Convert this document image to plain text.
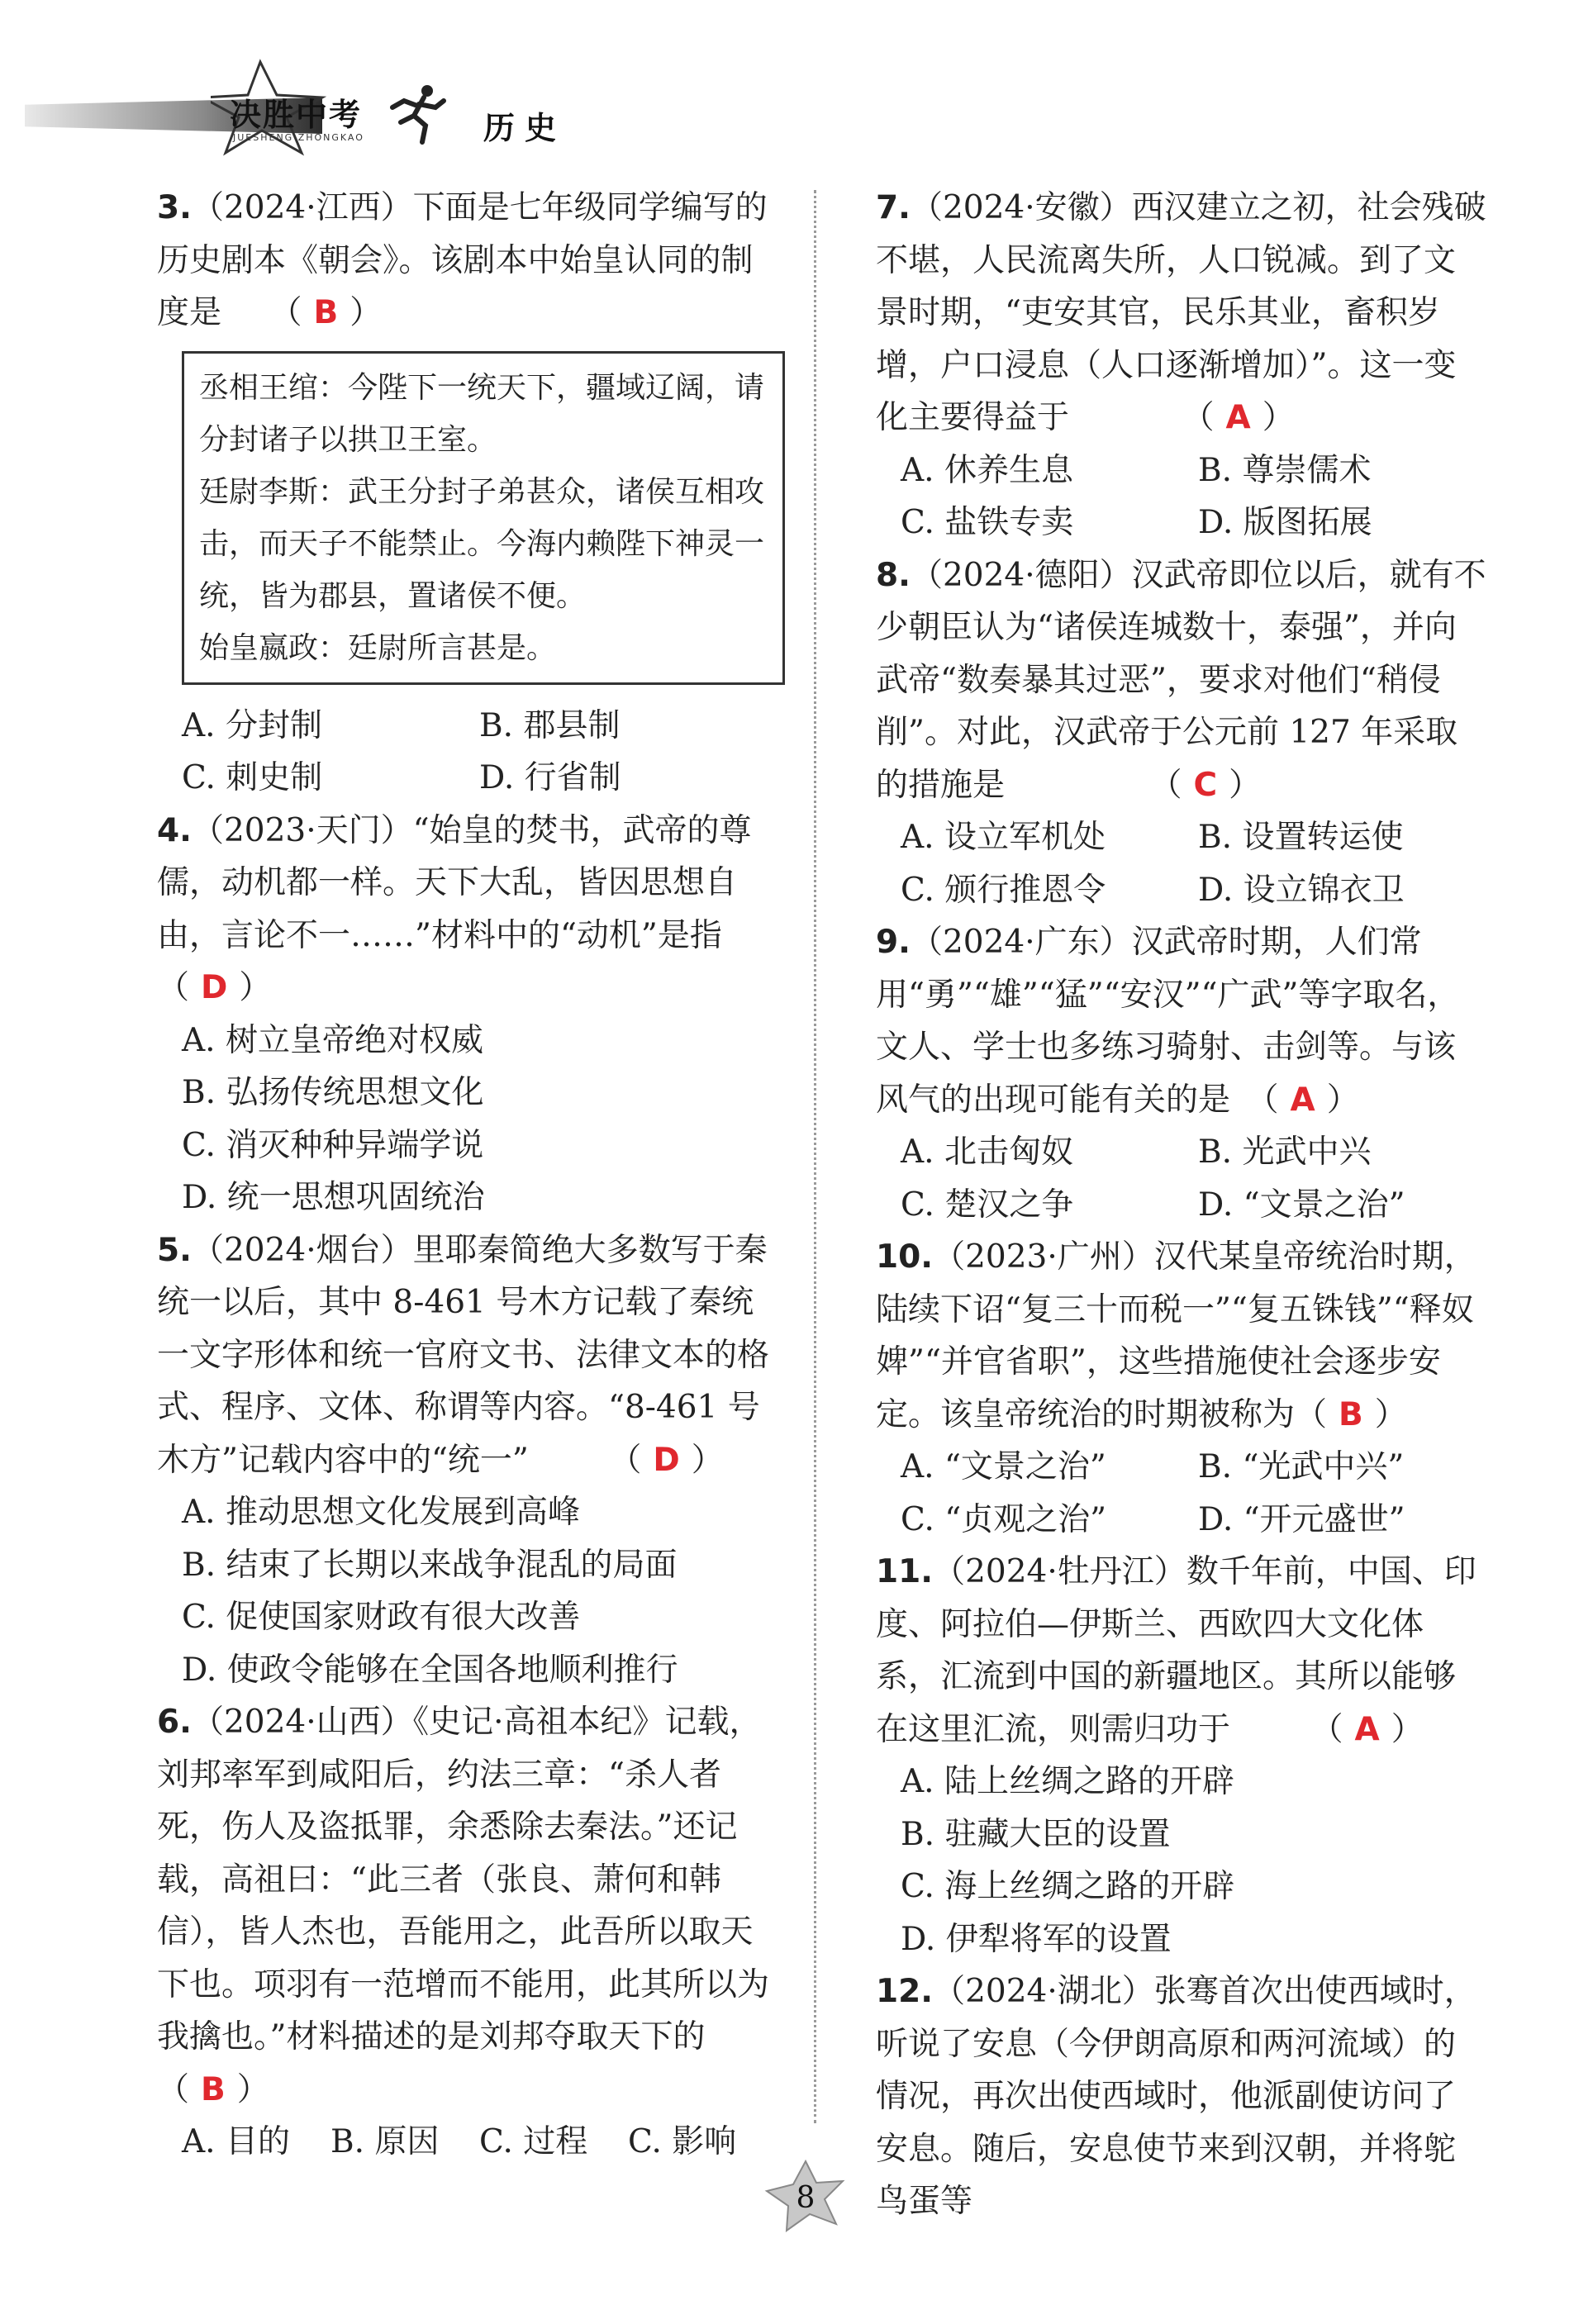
决胜中考
JUESHENG ZHONGKAO	历史
3.（2024·江西）下面是七年级同学编写的历史剧本《朝会》。该剧本中始皇认同的制度是　　（ B ）

丞相王绾：今陛下一统天下，疆域辽阔，请分封诸子以拱卫王室。

廷尉李斯：武王分封子弟甚众，诸侯互相攻击，而天子不能禁止。今海内赖陛下神灵一统，皆为郡县，置诸侯不便。

始皇嬴政：廷尉所言甚是。

A. 分封制	B. 郡县制
C. 刺史制	D. 行省制
4.（2023·天门）“始皇的焚书，武帝的尊儒，动机都一样。天下大乱，皆因思想自由，言论不一……”材料中的“动机”是指（ D ）
A. 树立皇帝绝对权威
B. 弘扬传统思想文化
C. 消灭种种异端学说
D. 统一思想巩固统治
5.（2024·烟台）里耶秦简绝大多数写于秦统一以后，其中 8-461 号木方记载了秦统一文字形体和统一官府文书、法律文本的格式、程序、文体、称谓等内容。“8-461 号木方”记载内容中的“统一”　　　（ D ）
A. 推动思想文化发展到高峰
B. 结束了长期以来战争混乱的局面
C. 促使国家财政有很大改善
D. 使政令能够在全国各地顺利推行
6.（2024·山西）《史记·高祖本纪》记载，刘邦率军到咸阳后，约法三章：“杀人者死，伤人及盗抵罪，余悉除去秦法。”还记载，高祖曰：“此三者（张良、萧何和韩信），皆人杰也，吾能用之，此吾所以取天下也。项羽有一范增而不能用，此其所以为我擒也。”材料描述的是刘邦夺取天下的　　（ B ）
A. 目的	B. 原因	C. 过程	C. 影响
7.（2024·安徽）西汉建立之初，社会残破不堪，人民流离失所，人口锐减。到了文景时期，“吏安其官，民乐其业，畜积岁增，户口浸息（人口逐渐增加）”。这一变化主要得益于　　　　（ A ）
A. 休养生息	B. 尊崇儒术
C. 盐铁专卖	D. 版图拓展
8.（2024·德阳）汉武帝即位以后，就有不少朝臣认为“诸侯连城数十，泰强”，并向武帝“数奏暴其过恶”，要求对他们“稍侵削”。对此，汉武帝于公元前 127 年采取的措施是　　　　　（ C ）
A. 设立军机处	B. 设置转运使
C. 颁行推恩令	D. 设立锦衣卫
9.（2024·广东）汉武帝时期，人们常用“勇”“雄”“猛”“安汉”“广武”等字取名，文人、学士也多练习骑射、击剑等。与该风气的出现可能有关的是　（ A ）
A. 北击匈奴	B. 光武中兴
C. 楚汉之争	D. “文景之治”
10.（2023·广州）汉代某皇帝统治时期，陆续下诏“复三十而税一”“复五铢钱”“释奴婢”“并官省职”，这些措施使社会逐步安定。该皇帝统治的时期被称为（ B ）
A. “文景之治”	B. “光武中兴”
C. “贞观之治”	D. “开元盛世”
11.（2024·牡丹江）数千年前，中国、印度、阿拉伯—伊斯兰、西欧四大文化体系，汇流到中国的新疆地区。其所以能够在这里汇流，则需归功于　　　（ A ）
A. 陆上丝绸之路的开辟
B. 驻藏大臣的设置
C. 海上丝绸之路的开辟
D. 伊犁将军的设置
12.（2024·湖北）张骞首次出使西域时，听说了安息（今伊朗高原和两河流域）的情况，再次出使西域时，他派副使访问了安息。随后，安息使节来到汉朝，并将鸵鸟蛋等
8
